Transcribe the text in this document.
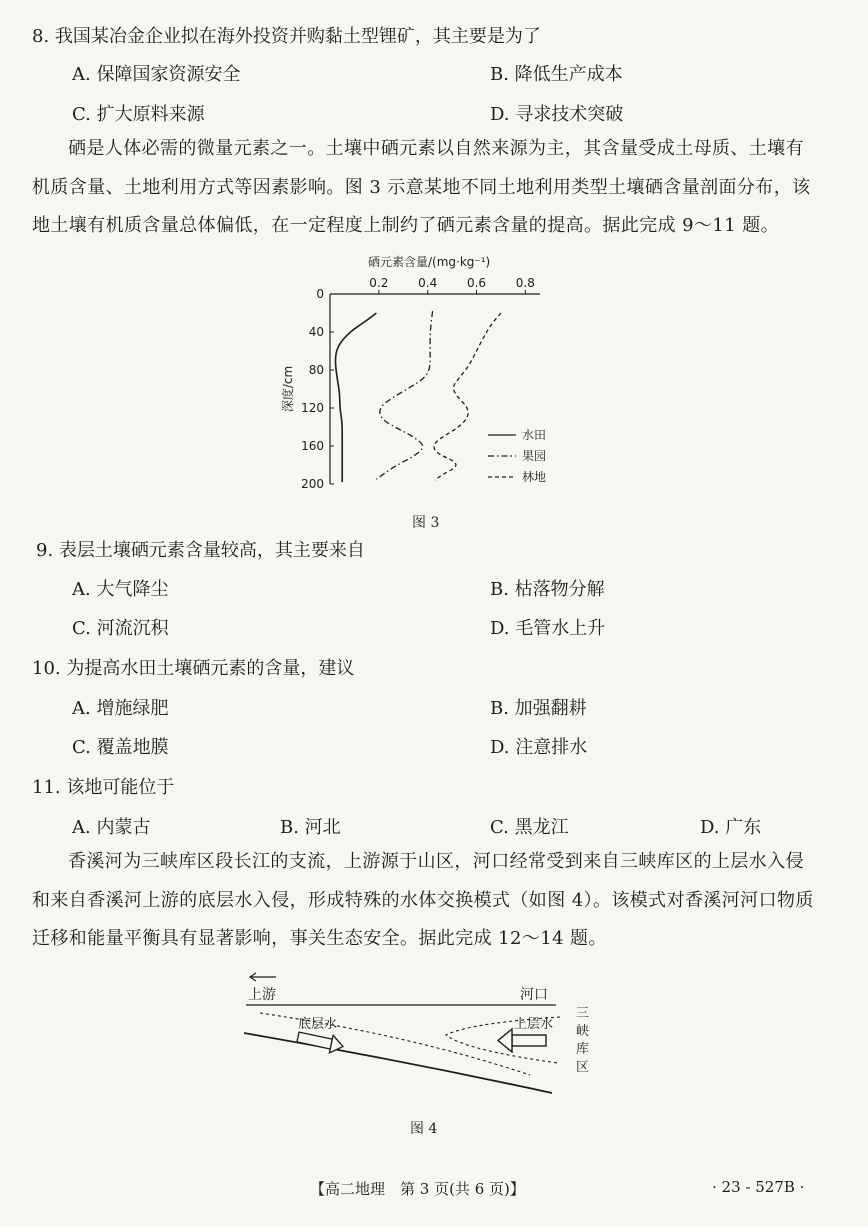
8. 我国某冶金企业拟在海外投资并购黏土型锂矿，其主要是为了
A. 保障国家资源安全	B. 降低生产成本
C. 扩大原料来源	D. 寻求技术突破
硒是人体必需的微量元素之一。土壤中硒元素以自然来源为主，其含量受成土母质、土壤有机质含量、土地利用方式等因素影响。图 3 示意某地不同土地利用类型土壤硒含量剖面分布，该地土壤有机质含量总体偏低，在一定程度上制约了硒元素含量的提高。据此完成 9～11 题。
硒元素含量/(mg·kg⁻¹)
0.2 0.4 0.6 0.8
0
40
80
120
160
200
深度/cm
水田
果园
林地
图 3
9. 表层土壤硒元素含量较高，其主要来自
A. 大气降尘	B. 枯落物分解
C. 河流沉积	D. 毛管水上升
10. 为提高水田土壤硒元素的含量，建议
A. 增施绿肥	B. 加强翻耕
C. 覆盖地膜	D. 注意排水
11. 该地可能位于
A. 内蒙古	B. 河北	C. 黑龙江	D. 广东
香溪河为三峡库区段长江的支流，上游源于山区，河口经常受到来自三峡库区的上层水入侵和来自香溪河上游的底层水入侵，形成特殊的水体交换模式（如图 4）。该模式对香溪河河口物质迁移和能量平衡具有显著影响，事关生态安全。据此完成 12～14 题。
上游	河口
底层水	上层水
三
峡
库
区
图 4
【高二地理　第 3 页(共 6 页)】	· 23 - 527B ·
